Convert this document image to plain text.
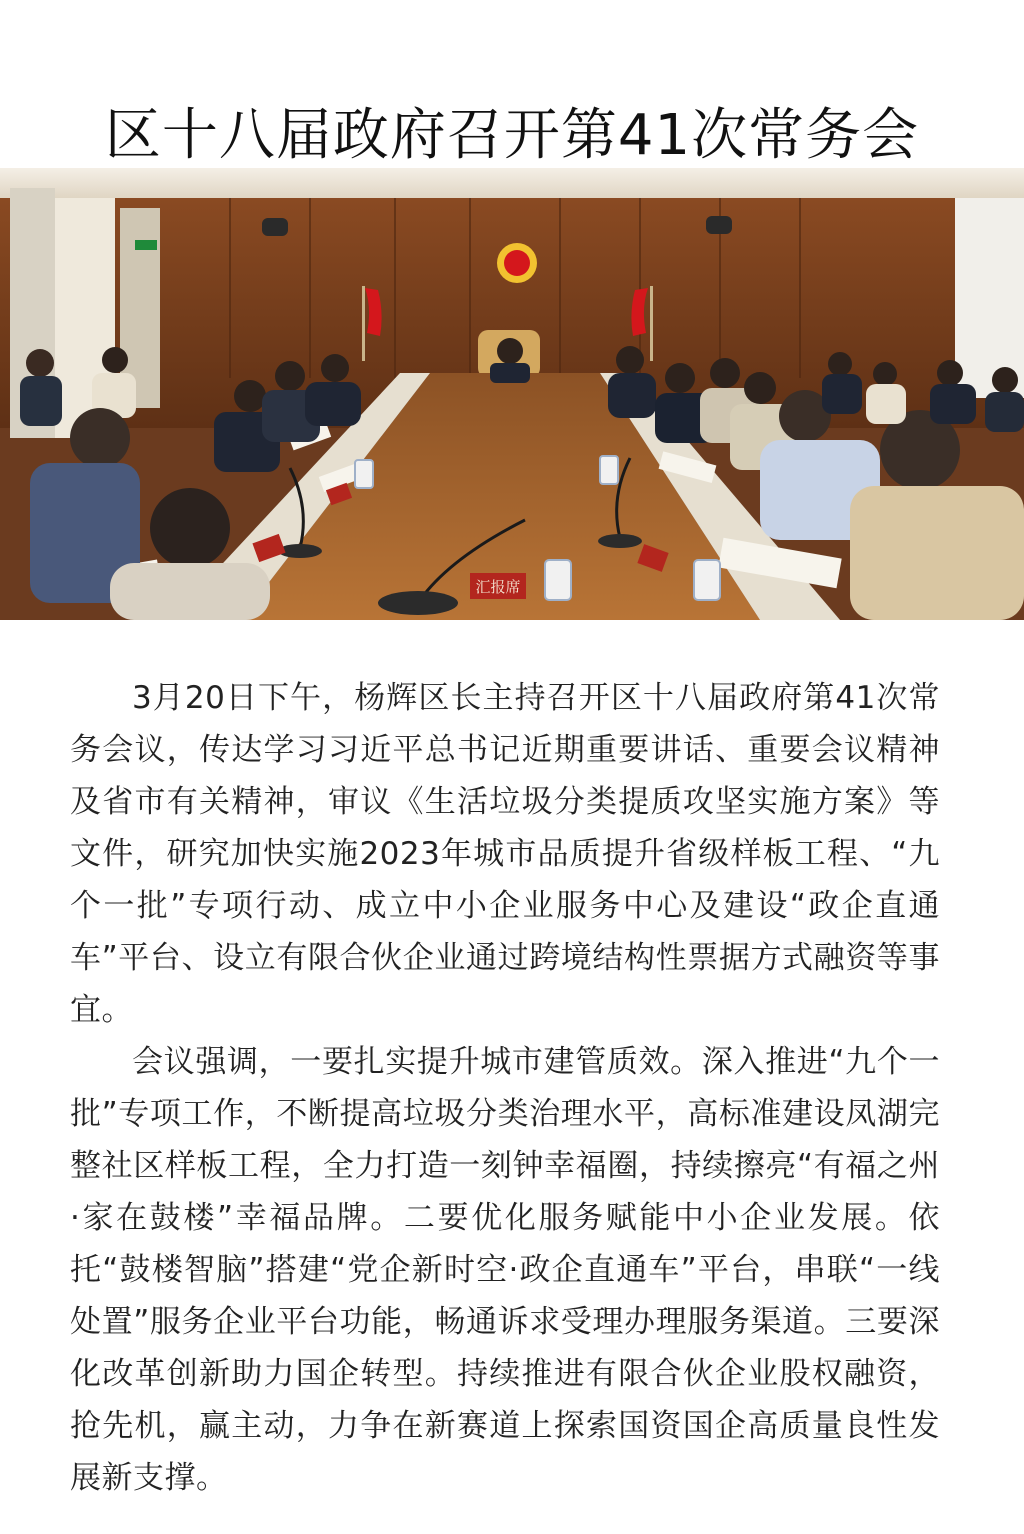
区十八届政府召开第41次常务会
汇报席

3月20日下午，杨辉区长主持召开区十八届政府第41次常务会议，传达学习习近平总书记近期重要讲话、重要会议精神及省市有关精神，审议《生活垃圾分类提质攻坚实施方案》等文件，研究加快实施2023年城市品质提升省级样板工程、“九个一批”专项行动、成立中小企业服务中心及建设“政企直通车”平台、设立有限合伙企业通过跨境结构性票据方式融资等事宜。

会议强调，一要扎实提升城市建管质效。深入推进“九个一批”专项工作，不断提高垃圾分类治理水平，高标准建设凤湖完整社区样板工程，全力打造一刻钟幸福圈，持续擦亮“有福之州·家在鼓楼”幸福品牌。二要优化服务赋能中小企业发展。依托“鼓楼智脑”搭建“党企新时空·政企直通车”平台，串联“一线处置”服务企业平台功能，畅通诉求受理办理服务渠道。三要深化改革创新助力国企转型。持续推进有限合伙企业股权融资，抢先机，赢主动，力争在新赛道上探索国资国企高质量良性发展新支撑。
